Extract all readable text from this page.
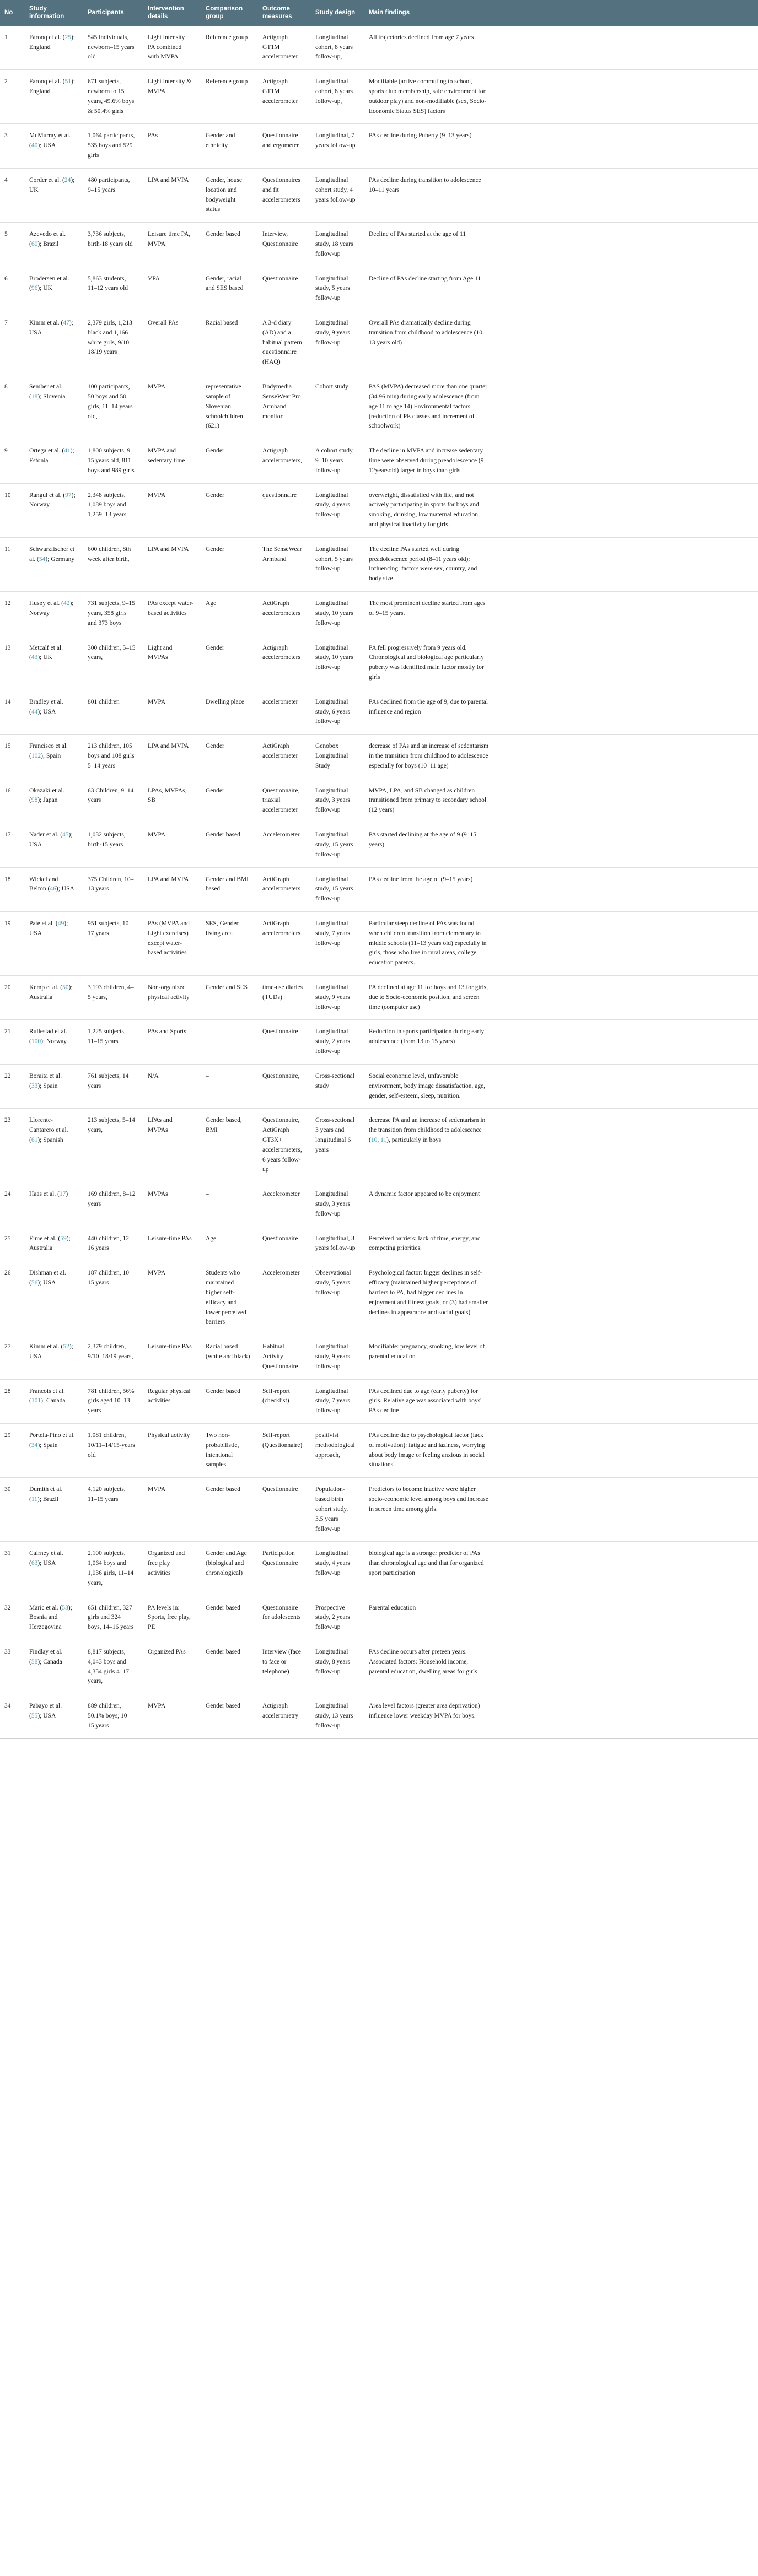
No	Study information	Participants	Intervention details	Comparison group	Outcome measures	Study design	Main findings
1	Farooq et al. (25); England	545 individuals, newborn–15 years old	Light intensity PA combined with MVPA	Reference group	Actigraph GT1M accelerometer	Longitudinal cohort, 8 years follow-up,	All trajectories declined from age 7 years

2	Farooq et al. (51); England	671 subjects, newborn to 15 years, 49.6% boys & 50.4% girls	Light intensity & MVPA	Reference group	Actigraph GT1M accelerometer	Longitudinal cohort, 8 years follow-up,	Modifiable (active commuting to school, sports club membership, safe environment for outdoor play) and non-modifiable (sex, Socio-Economic Status SES) factors

3	McMurray et al. (40); USA	1,064 participants, 535 boys and 529 girls	PAs	Gender and ethnicity	Questionnaire and ergometer	Longitudinal, 7 years follow-up	PAs decline during Puberty (9–13 years)

4	Corder et al. (24); UK	480 participants, 9–15 years	LPA and MVPA	Gender, house location and bodyweight status	Questionnaires and fit accelerometers	Longitudinal cohort study, 4 years follow-up	PAs decline during transition to adolescence 10–11 years

5	Azevedo et al. (60); Brazil	3,736 subjects, birth-18 years old	Leisure time PA, MVPA	Gender based	Interview, Questionnaire	Longitudinal study, 18 years follow-up	Decline of PAs started at the age of 11

6	Brodersen et al. (96); UK	5,863 students, 11–12 years old	VPA	Gender, racial and SES based	Questionnaire	Longitudinal study, 5 years follow-up	Decline of PAs decline starting from Age 11

7	Kimm et al. (47); USA	2,379 girls, 1,213 black and 1,166 white girls, 9/10–18/19 years	Overall PAs	Racial based	A 3-d diary (AD) and a habitual pattern questionnaire (HAQ)	Longitudinal study, 9 years follow-up	Overall PAs dramatically decline during transition from childhood to adolescence (10–13 years old)

8	Sember et al. (18); Slovenia	100 participants, 50 boys and 50 girls, 11–14 years old,	MVPA	representative sample of Slovenian schoolchildren (621)	Bodymedia SenseWear Pro Armband monitor	Cohort study	PAS (MVPA) decreased more than one quarter (34.96 min) during early adolescence (from age 11 to age 14) Environmental factors (reduction of PE classes and increment of schoolwork)

9	Ortega et al. (41); Estonia	1,800 subjects, 9–15 years old, 811 boys and 989 girls	MVPA and sedentary time	Gender	Actigraph accelerometers,	A cohort study, 9–10 years follow-up	The decline in MVPA and increase sedentary time were observed during preadolescence (9–12yearsold) larger in boys than girls.

10	Rangul et al. (97); Norway	2,348 subjects, 1,089 boys and 1,259, 13 years	MVPA	Gender	questionnaire	Longitudinal study, 4 years follow-up	overweight, dissatisfied with life, and not actively participating in sports for boys and smoking, drinking, low maternal education, and physical inactivity for girls.

11	Schwarzfischer et al. (54); Germany	600 children, 8th week after birth,	LPA and MVPA	Gender	The SenseWear Armband	Longitudinal cohort, 5 years follow-up	The decline PAs started well during preadolescence period (8–11 years old); Influencing: factors were sex, country, and body size.

12	Husøy et al. (42); Norway	731 subjects, 9–15 years, 358 girls and 373 boys	PAs except water-based activities	Age	ActiGraph accelerometers	Longitudinal study, 10 years follow-up	The most prominent decline started from ages of 9–15 years.

13	Metcalf et al. (43); UK	300 children, 5–15 years,	Light and MVPAs	Gender	Actigraph accelerometers	Longitudinal study, 10 years follow-up	PA fell progressively from 9 years old. Chronological and biological age particularly puberty was identified main factor mostly for girls

14	Bradley et al. (44); USA	801 children	MVPA	Dwelling place	accelerometer	Longitudinal study, 6 years follow-up	PAs declined from the age of 9, due to parental influence and region

15	Francisco et al. (102); Spain	213 children, 105 boys and 108 girls 5–14 years	LPA and MVPA	Gender	ActiGraph accelerometer	Genobox Longitudinal Study	decrease of PAs and an increase of sedentarism in the transition from childhood to adolescence especially for boys (10–11 age)

16	Okazaki et al. (98); Japan	63 Children, 9–14 years	LPAs, MVPAs, SB	Gender	Questionnaire, triaxial accelerometer	Longitudinal study, 3 years follow-up	MVPA, LPA, and SB changed as children transitioned from primary to secondary school (12 years)

17	Nader et al. (45); USA	1,032 subjects, birth-15 years	MVPA	Gender based	Accelerometer	Longitudinal study, 15 years follow-up	PAs started declining at the age of 9 (9–15 years)

18	Wickel and Belton (46); USA	375 Children, 10–13 years	LPA and MVPA	Gender and BMI based	ActiGraph accelerometers	Longitudinal study, 15 years follow-up	PAs decline from the age of (9–15 years)

19	Pate et al. (49); USA	951 subjects, 10–17 years	PAs (MVPA and Light exercises) except water-based activities	SES, Gender, living area	ActiGraph accelerometers	Longitudinal study, 7 years follow-up	Particular steep decline of PAs was found when children transition from elementary to middle schools (11–13 years old) especially in girls, those who live in rural areas, college education parents.

20	Kemp et al. (50); Australia	3,193 children, 4–5 years,	Non-organized physical activity	Gender and SES	time-use diaries (TUDs)	Longitudinal study, 9 years follow-up	PA declined at age 11 for boys and 13 for girls, due to Socio-economic position, and screen time (computer use)

21	Rullestad et al. (100); Norway	1,225 subjects, 11–15 years	PAs and Sports	–	Questionnaire	Longitudinal study, 2 years follow-up	Reduction in sports participation during early adolescence (from 13 to 15 years)

22	Boraita et al. (33); Spain	761 subjects, 14 years	N/A	–	Questionnaire,	Cross-sectional study	Social economic level, unfavorable environment, body image dissatisfaction, age, gender, self-esteem, sleep, nutrition.

23	Llorente-Cantarero et al. (61); Spanish	213 subjects, 5–14 years,	LPAs and MVPAs	Gender based, BMI	Questionnaire, ActiGraph GT3X+ accelerometers, 6 years follow-up	Cross-sectional 3 years and longitudinal 6 years	decrease PA and an increase of sedentarism in the transition from childhood to adolescence (10, 11), particularly in boys

24	Haas et al. (17)	169 children, 8–12 years	MVPAs	–	Accelerometer	Longitudinal study, 3 years follow-up	A dynamic factor appeared to be enjoyment

25	Eime et al. (59); Australia	440 children, 12–16 years	Leisure-time PAs	Age	Questionnaire	Longitudinal, 3 years follow-up	Perceived barriers: lack of time, energy, and competing priorities.

26	Dishman et al. (56); USA	187 children, 10–15 years	MVPA	Students who maintained higher self-efficacy and lower perceived barriers	Accelerometer	Observational study, 5 years follow-up	Psychological factor: bigger declines in self-efficacy (maintained higher perceptions of barriers to PA, had bigger declines in enjoyment and fitness goals, or (3) had smaller declines in appearance and social goals)

27	Kimm et al. (52); USA	2,379 children, 9/10–18/19 years,	Leisure-time PAs	Racial based (white and black)	Habitual Activity Questionnaire	Longitudinal study, 9 years follow-up	Modifiable: pregnancy, smoking, low level of parental education

28	Francois et al. (101); Canada	781 children, 56% girls aged 10–13 years	Regular physical activities	Gender based	Self-report (checklist)	Longitudinal study, 7 years follow-up	PAs declined due to age (early puberty) for girls. Relative age was associated with boys' PAs decline

29	Portela-Pino et al. (34); Spain	1,081 children, 10/11–14/15-years old	Physical activity	Two non-probabilistic, intentional samples	Self-report (Questionnaire)	positivist methodological approach,	PAs decline due to psychological factor (lack of motivation): fatigue and laziness, worrying about body image or feeling anxious in social situations.

30	Dumith et al. (11); Brazil	4,120 subjects, 11–15 years	MVPA	Gender based	Questionnaire	Population-based birth cohort study, 3.5 years follow-up	Predictors to become inactive were higher socio-economic level among boys and increase in screen time among girls.

31	Cairney et al. (63); USA	2,100 subjects, 1,064 boys and 1,036 girls, 11–14 years,	Organized and free play activities	Gender and Age (biological and chronological)	Participation Questionnaire	Longitudinal study, 4 years follow-up	biological age is a stronger predictor of PAs than chronological age and that for organized sport participation

32	Maric et al. (53); Bosnia and Herzegovina	651 children, 327 girls and 324 boys, 14–16 years	PA levels in: Sports, free play, PE	Gender based	Questionnaire for adolescents	Prospective study, 2 years follow-up	Parental education

33	Findlay et al. (58); Canada	8,817 subjects, 4,043 boys and 4,354 girls 4–17 years,	Organized PAs	Gender based	Interview (face to face or telephone)	Longitudinal study, 8 years follow-up	PAs decline occurs after preteen years. Associated factors: Household income, parental education, dwelling areas for girls

34	Pabayo et al. (55); USA	889 children, 50.1% boys, 10–15 years	MVPA	Gender based	Actigraph accelerometry	Longitudinal study, 13 years follow-up	Area level factors (greater area deprivation) influence lower weekday MVPA for boys.
